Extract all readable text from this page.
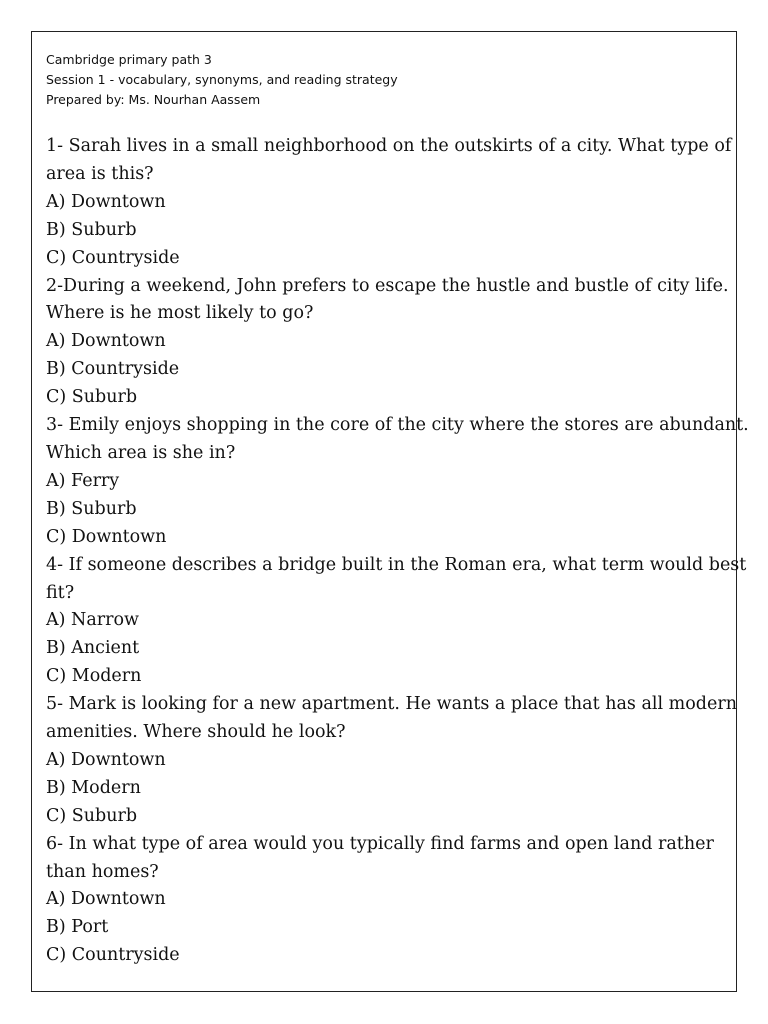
Cambridge primary path 3
Session 1 - vocabulary, synonyms, and reading strategy
Prepared by: Ms. Nourhan Aassem
1- Sarah lives in a small neighborhood on the outskirts of a city. What type of
area is this?
A) Downtown
B) Suburb
C) Countryside
2-During a weekend, John prefers to escape the hustle and bustle of city life.
Where is he most likely to go?
A) Downtown
B) Countryside
C) Suburb
3- Emily enjoys shopping in the core of the city where the stores are abundant.
Which area is she in?
A) Ferry
B) Suburb
C) Downtown
4- If someone describes a bridge built in the Roman era, what term would best
fit?
A) Narrow
B) Ancient
C) Modern
5- Mark is looking for a new apartment. He wants a place that has all modern
amenities. Where should he look?
A) Downtown
B) Modern
C) Suburb
6- In what type of area would you typically find farms and open land rather
than homes?
A) Downtown
B) Port
C) Countryside
